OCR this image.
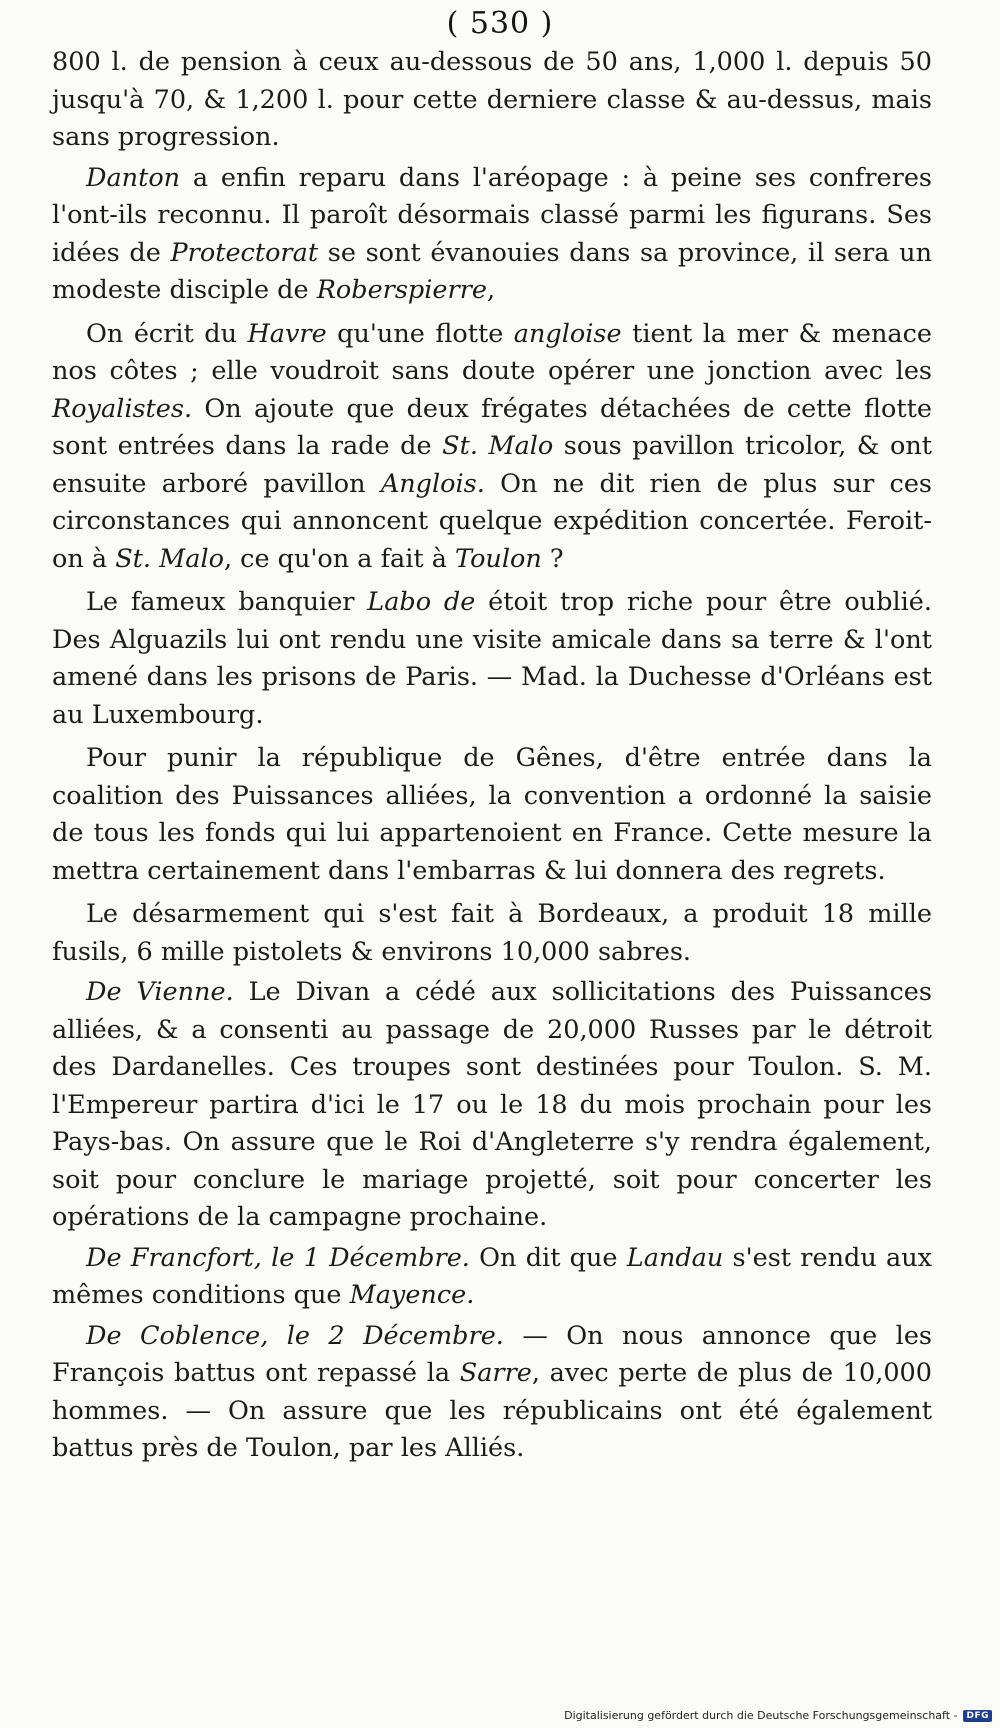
( 530 )

800 l. de pension à ceux au-dessous de 50 ans, 1,000 l. depuis 50 jusqu'à 70, & 1,200 l. pour cette derniere classe & au-dessus, mais sans progression.

Danton a enfin reparu dans l'aréopage : à peine ses confreres l'ont-ils reconnu. Il paroît désormais classé parmi les figurans. Ses idées de Protectorat se sont évanouies dans sa province, il sera un modeste disciple de Roberspierre,

On écrit du Havre qu'une flotte angloise tient la mer & menace nos côtes ; elle voudroit sans doute opérer une jonction avec les Royalistes. On ajoute que deux frégates détachées de cette flotte sont entrées dans la rade de St. Malo sous pavillon tricolor, & ont ensuite arboré pavillon Anglois. On ne dit rien de plus sur ces circonstances qui annoncent quelque expédition concertée. Feroit-on à St. Malo, ce qu'on a fait à Toulon ?

Le fameux banquier Labo de étoit trop riche pour être oublié. Des Alguazils lui ont rendu une visite amicale dans sa terre & l'ont amené dans les prisons de Paris. — Mad. la Duchesse d'Orléans est au Luxembourg.

Pour punir la république de Gênes, d'être entrée dans la coalition des Puissances alliées, la convention a ordonné la saisie de tous les fonds qui lui appartenoient en France. Cette mesure la mettra certainement dans l'embarras & lui donnera des regrets.

Le désarmement qui s'est fait à Bordeaux, a produit 18 mille fusils, 6 mille pistolets & environs 10,000 sabres.

De Vienne. Le Divan a cédé aux sollicitations des Puissances alliées, & a consenti au passage de 20,000 Russes par le détroit des Dardanelles. Ces troupes sont destinées pour Toulon. S. M. l'Empereur partira d'ici le 17 ou le 18 du mois prochain pour les Pays-bas. On assure que le Roi d'Angleterre s'y rendra également, soit pour conclure le mariage projetté, soit pour concerter les opérations de la campagne prochaine.

De Francfort, le 1 Décembre. On dit que Landau s'est rendu aux mêmes conditions que Mayence.

De Coblence, le 2 Décembre. — On nous annonce que les François battus ont repassé la Sarre, avec perte de plus de 10,000 hommes. — On assure que les républicains ont été également battus près de Toulon, par les Alliés.

Digitalisierung gefördert durch die Deutsche Forschungsgemeinschaft -	DFG
